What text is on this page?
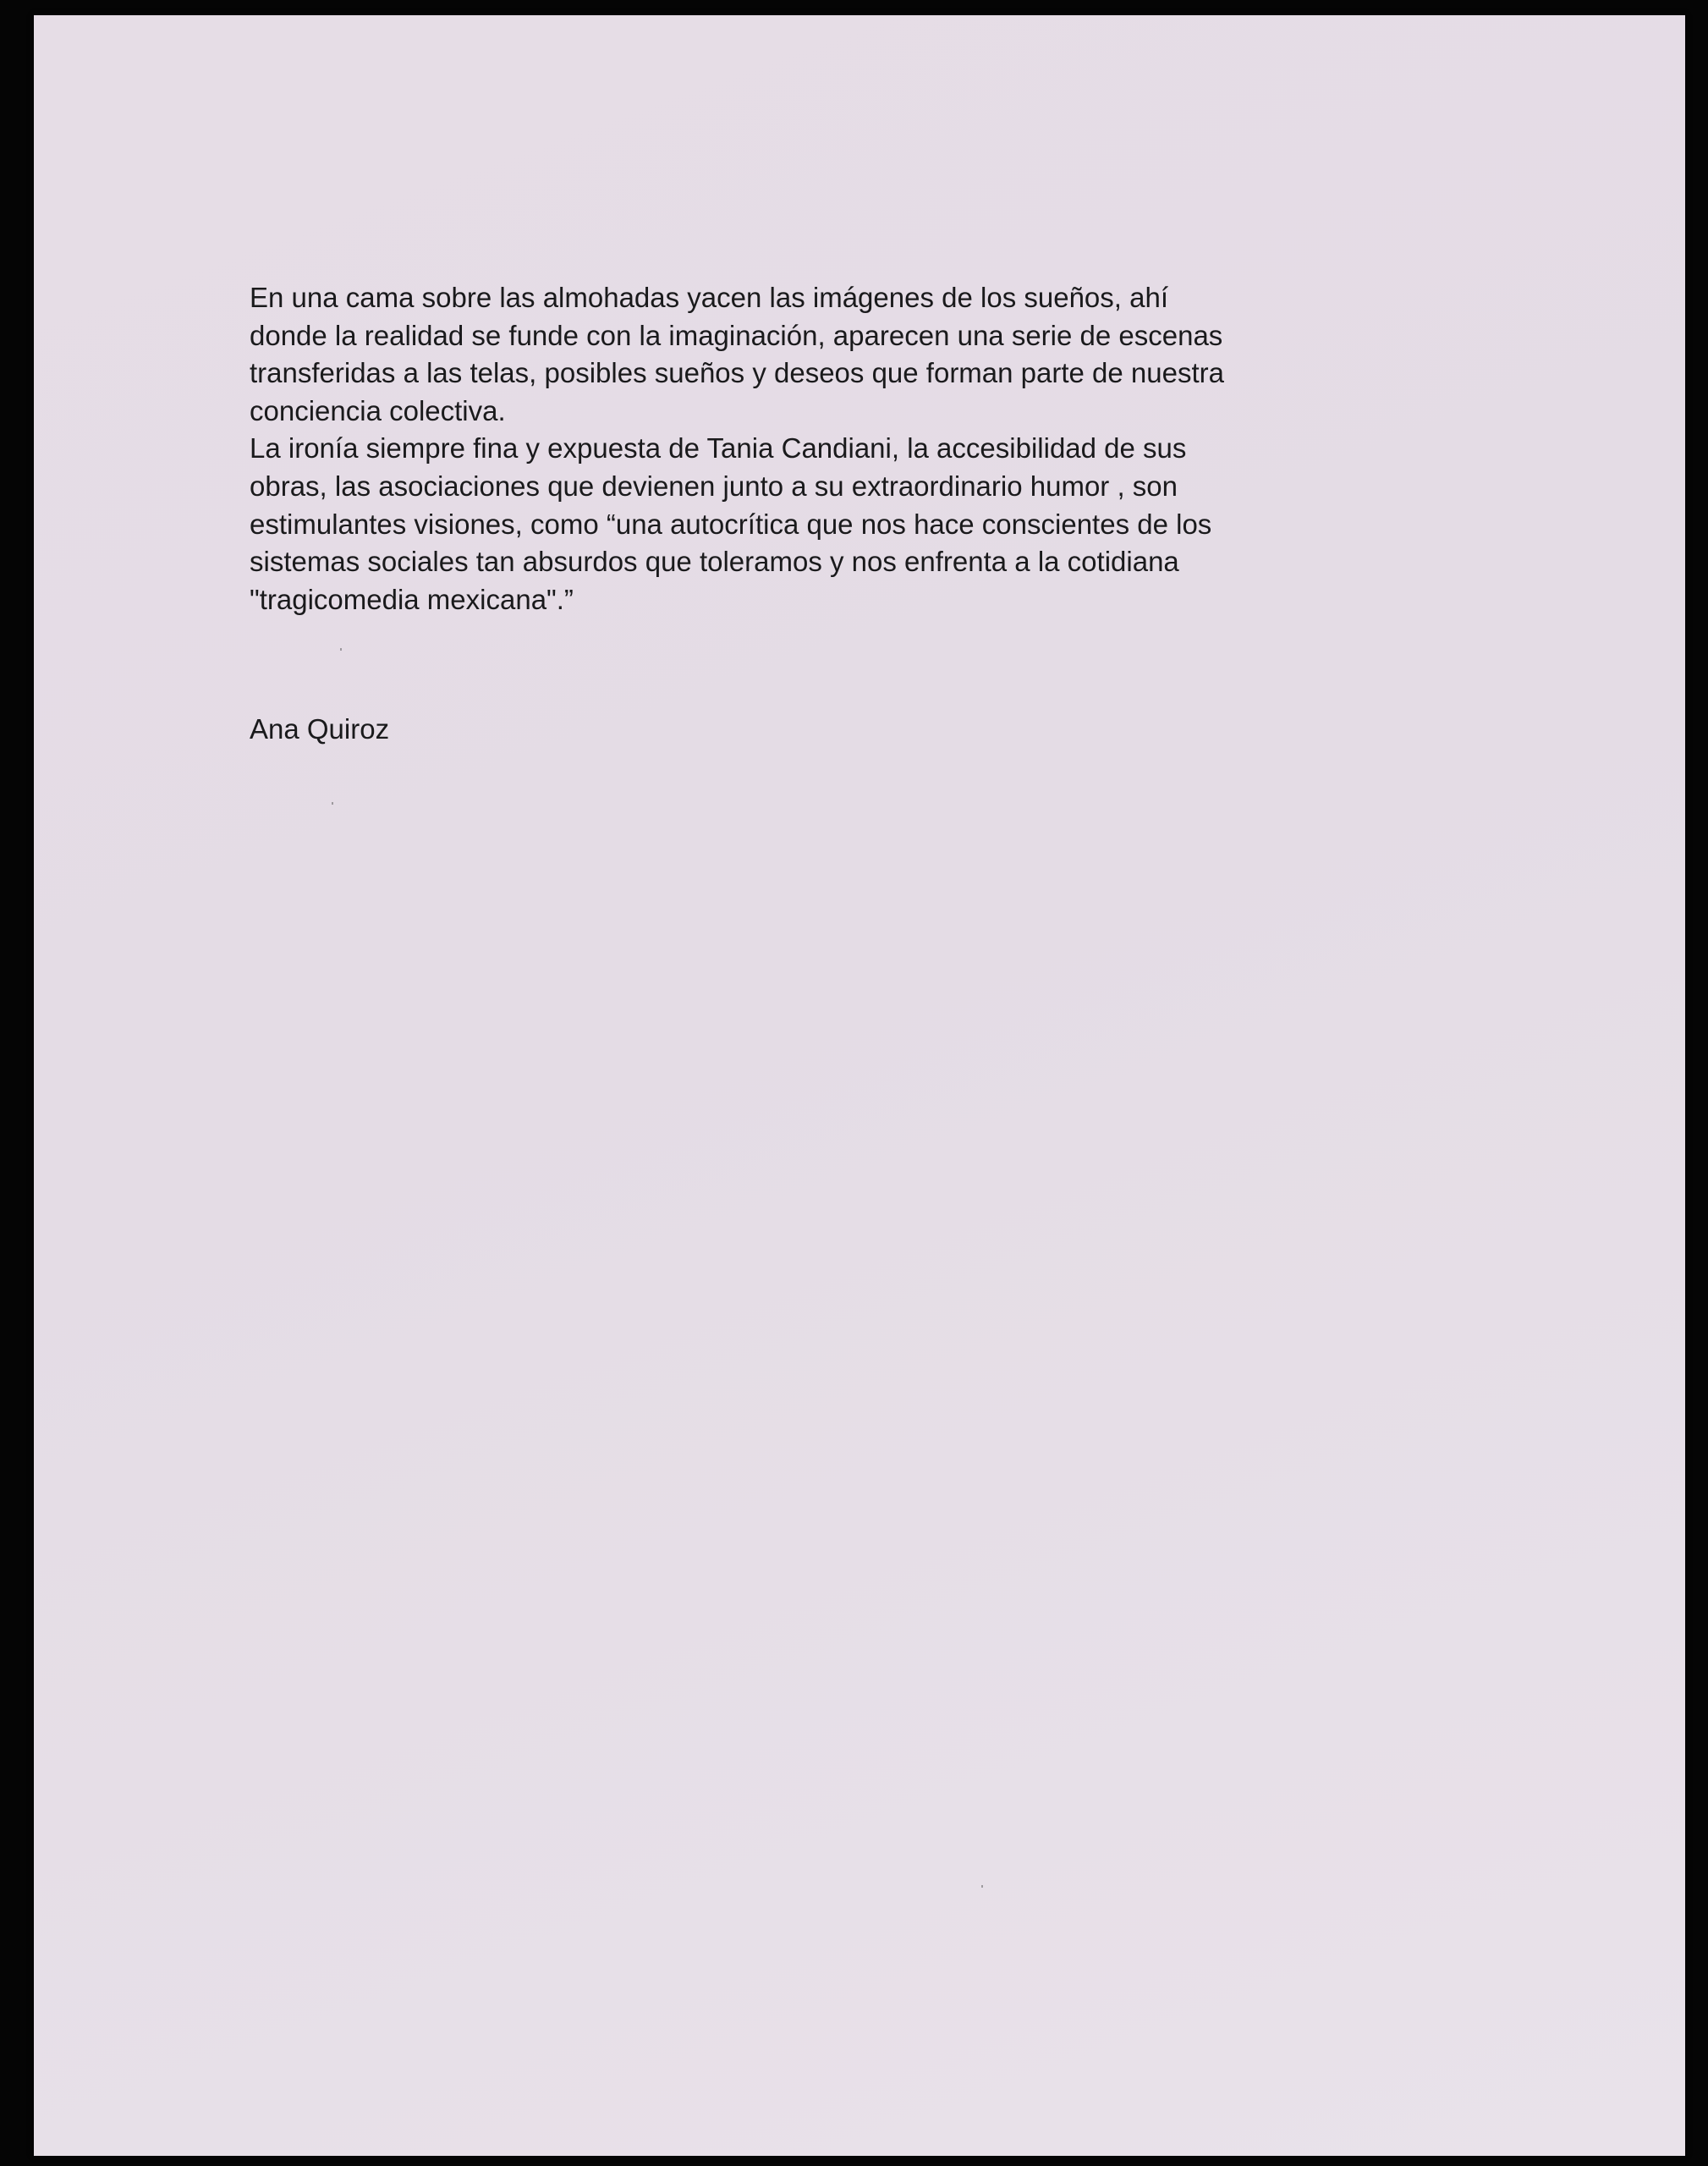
En una cama sobre las almohadas yacen las imágenes de los sueños, ahí
donde la realidad se funde con la imaginación, aparecen una serie de escenas
transferidas a las telas, posibles sueños y deseos que forman parte de nuestra
conciencia colectiva.
La ironía siempre fina y expuesta de Tania Candiani, la accesibilidad de sus
obras, las asociaciones que devienen junto a su extraordinario humor , son
estimulantes visiones, como “una autocrítica que nos hace conscientes de los
sistemas sociales tan absurdos que toleramos y nos enfrenta a la cotidiana
"tragicomedia mexicana".”
Ana Quiroz
